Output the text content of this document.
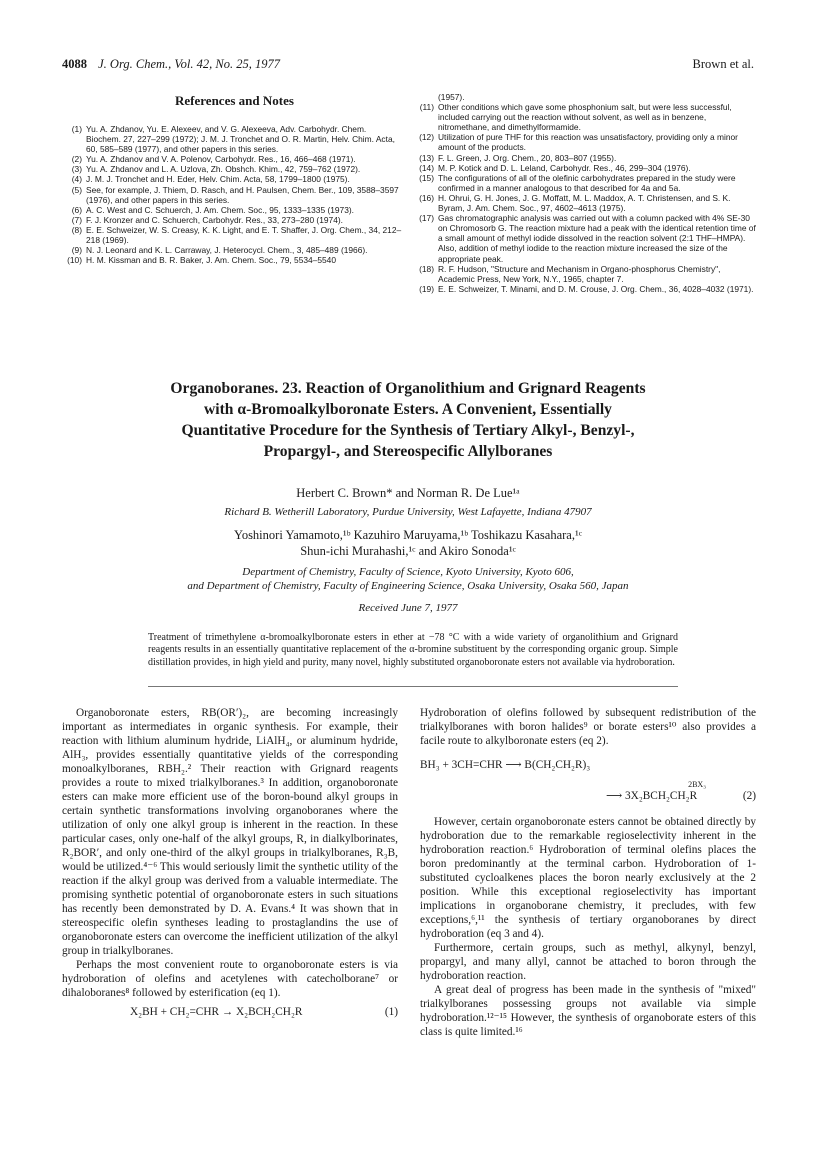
4088 J. Org. Chem., Vol. 42, No. 25, 1977	Brown et al.
References and Notes
(1) Yu. A. Zhdanov, Yu. E. Alexeev, and V. G. Alexeeva, Adv. Carbohydr. Chem. Biochem. 27, 227–299 (1972); J. M. J. Tronchet and O. R. Martin, Helv. Chim. Acta, 60, 585–589 (1977), and other papers in this series.
(2) Yu. A. Zhdanov and V. A. Polenov, Carbohydr. Res., 16, 466–468 (1971).
(3) Yu. A. Zhdanov and L. A. Uzlova, Zh. Obshch. Khim., 42, 759–762 (1972).
(4) J. M. J. Tronchet and H. Eder, Helv. Chim. Acta, 58, 1799–1800 (1975).
(5) See, for example, J. Thiem, D. Rasch, and H. Paulsen, Chem. Ber., 109, 3588–3597 (1976), and other papers in this series.
(6) A. C. West and C. Schuerch, J. Am. Chem. Soc., 95, 1333–1335 (1973).
(7) F. J. Kronzer and C. Schuerch, Carbohydr. Res., 33, 273–280 (1974).
(8) E. E. Schweizer, W. S. Creasy, K. K. Light, and E. T. Shaffer, J. Org. Chem., 34, 212–218 (1969).
(9) N. J. Leonard and K. L. Carraway, J. Heterocycl. Chem., 3, 485–489 (1966).
(10) H. M. Kissman and B. R. Baker, J. Am. Chem. Soc., 79, 5534–5540
(1957).
(11) Other conditions which gave some phosphonium salt, but were less successful, included carrying out the reaction without solvent, as well as in benzene, nitromethane, and dimethylformamide.
(12) Utilization of pure THF for this reaction was unsatisfactory, providing only a minor amount of the products.
(13) F. L. Green, J. Org. Chem., 20, 803–807 (1955).
(14) M. P. Kotick and D. L. Leland, Carbohydr. Res., 46, 299–304 (1976).
(15) The configurations of all of the olefinic carbohydrates prepared in the study were confirmed in a manner analogous to that described for 4a and 5a.
(16) H. Ohrui, G. H. Jones, J. G. Moffatt, M. L. Maddox, A. T. Christensen, and S. K. Byram, J. Am. Chem. Soc., 97, 4602–4613 (1975).
(17) Gas chromatographic analysis was carried out with a column packed with 4% SE-30 on Chromosorb G. The reaction mixture had a peak with the identical retention time of a small amount of methyl iodide dissolved in the reaction solvent (2:1 THF–HMPA). Also, addition of methyl iodide to the reaction mixture increased the size of the appropriate peak.
(18) R. F. Hudson, "Structure and Mechanism in Organo-phosphorus Chemistry", Academic Press, New York, N.Y., 1965, chapter 7.
(19) E. E. Schweizer, T. Minami, and D. M. Crouse, J. Org. Chem., 36, 4028–4032 (1971).
Organoboranes. 23. Reaction of Organolithium and Grignard Reagents
with α-Bromoalkylboronate Esters. A Convenient, Essentially
Quantitative Procedure for the Synthesis of Tertiary Alkyl-, Benzyl-,
Propargyl-, and Stereospecific Allylboranes
Herbert C. Brown* and Norman R. De Lue¹ᵃ
Richard B. Wetherill Laboratory, Purdue University, West Lafayette, Indiana 47907
Yoshinori Yamamoto,¹ᵇ Kazuhiro Maruyama,¹ᵇ Toshikazu Kasahara,¹ᶜ
Shun-ichi Murahashi,¹ᶜ and Akiro Sonoda¹ᶜ
Department of Chemistry, Faculty of Science, Kyoto University, Kyoto 606,
and Department of Chemistry, Faculty of Engineering Science, Osaka University, Osaka 560, Japan
Received June 7, 1977
Treatment of trimethylene α-bromoalkylboronate esters in ether at −78 °C with a wide variety of organolithium and Grignard reagents results in an essentially quantitative replacement of the α-bromine substituent by the corresponding organic group. Simple distillation provides, in high yield and purity, many novel, highly substituted organoboronate esters not available via hydroboration.

Organoboronate esters, RB(OR′)₂, are becoming increasingly important as intermediates in organic synthesis. For example, their reaction with lithium aluminum hydride, LiAlH₄, or aluminum hydride, AlH₃, provides essentially quantitative yields of the corresponding monoalkylboranes, RBH₂.² Their reaction with Grignard reagents provides a route to mixed trialkylboranes.³ In addition, organoboronate esters can make more efficient use of the boron-bound alkyl groups in certain synthetic transformations involving organoboranes where the utilization of only one alkyl group is inherent in the reaction. In these particular cases, only one-half of the alkyl groups, R, in dialkylborinates, R₂BOR′, and only one-third of the alkyl groups in trialkylboranes, R₃B, would be utilized.⁴⁻⁶ This would seriously limit the synthetic utility of the reaction if the alkyl group was derived from a valuable intermediate. The promising synthetic potential of organoboronate esters in such situations has recently been demonstrated by D. A. Evans.⁴ It was shown that in stereospecific olefin syntheses leading to prostaglandins the use of organoboronate esters can overcome the inefficient utilization of the alkyl group in trialkylboranes.

Perhaps the most convenient route to organoboronate esters is via hydroboration of olefins and acetylenes with catecholborane⁷ or dihaloboranes⁸ followed by esterification (eq 1).

X₂BH + CH₂=CHR → X₂BCH₂CH₂R	(1)

Hydroboration of olefins followed by subsequent redistribution of the trialkylboranes with boron halides⁹ or borate esters¹⁰ also provides a facile route to alkylboronate esters (eq 2).

BH₃ + 3CH=CHR ⟶ B(CH₂CH₂R)₃
2BX₃
⟶ 3X₂BCH₂CH₂R	(2)

However, certain organoboronate esters cannot be obtained directly by hydroboration due to the remarkable regioselectivity inherent in the hydroboration reaction.⁶ Hydroboration of terminal olefins places the boron predominantly at the terminal carbon. Hydroboration of 1-substituted cycloalkenes places the boron nearly exclusively at the 2 position. While this exceptional regioselectivity has important implications in organoborane chemistry, it precludes, with few exceptions,⁶,¹¹ the synthesis of tertiary organoboranes by direct hydroboration (eq 3 and 4).

Furthermore, certain groups, such as methyl, alkynyl, benzyl, propargyl, and many allyl, cannot be attached to boron through the hydroboration reaction.

A great deal of progress has been made in the synthesis of "mixed" trialkylboranes possessing groups not available via simple hydroboration.¹²⁻¹⁵ However, the synthesis of organoborate esters of this class is quite limited.¹⁶
